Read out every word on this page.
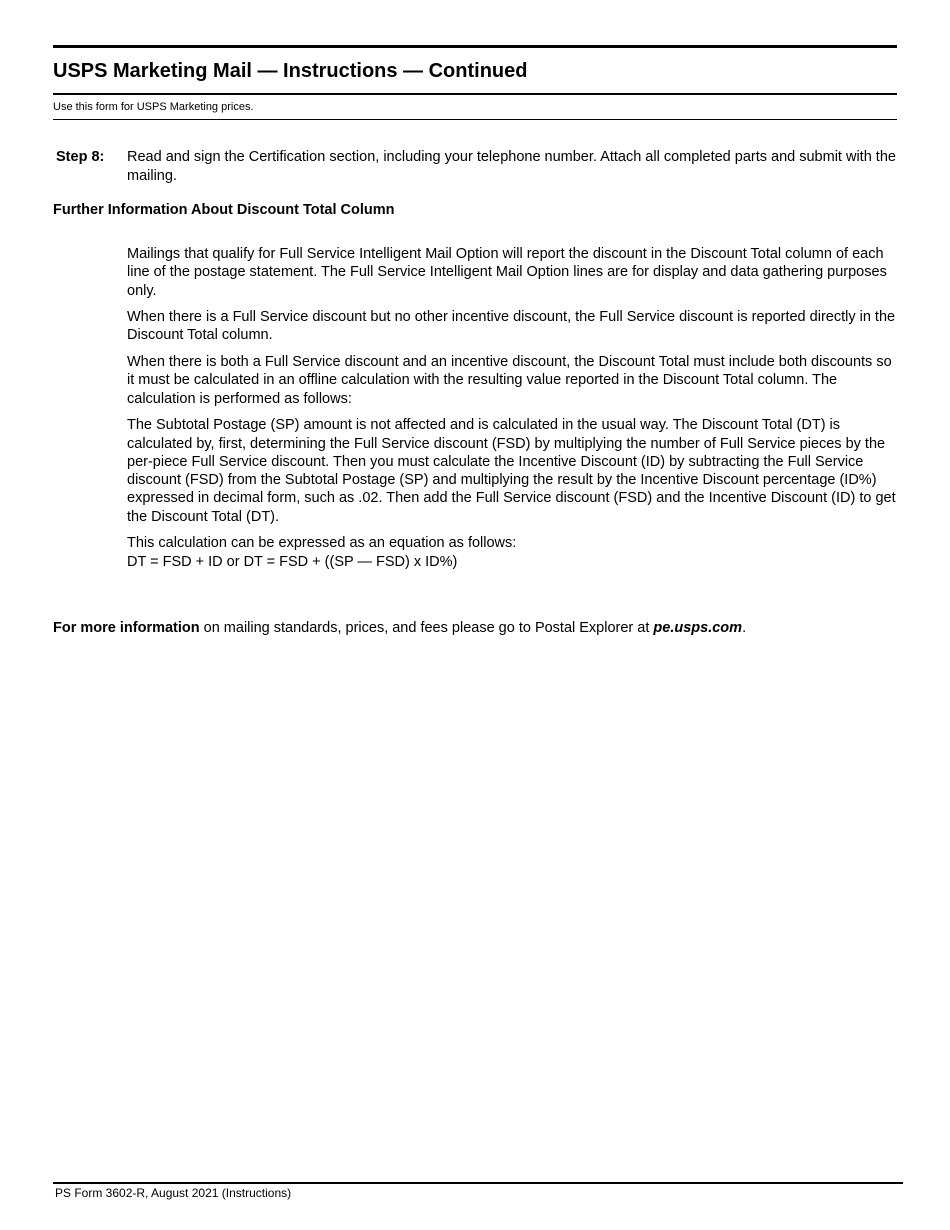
USPS Marketing Mail — Instructions — Continued
Use this form for USPS Marketing prices.
Step 8: Read and sign the Certification section, including your telephone number. Attach all completed parts and submit with the mailing.
Further Information About Discount Total Column

Mailings that qualify for Full Service Intelligent Mail Option will report the discount in the Discount Total column of each line of the postage statement. The Full Service Intelligent Mail Option lines are for display and data gathering purposes only.

When there is a Full Service discount but no other incentive discount, the Full Service discount is reported directly in the Discount Total column.

When there is both a Full Service discount and an incentive discount, the Discount Total must include both discounts so it must be calculated in an offline calculation with the resulting value reported in the Discount Total column. The calculation is performed as follows:

The Subtotal Postage (SP) amount is not affected and is calculated in the usual way. The Discount Total (DT) is calculated by, first, determining the Full Service discount (FSD) by multiplying the number of Full Service pieces by the per-piece Full Service discount. Then you must calculate the Incentive Discount (ID) by subtracting the Full Service discount (FSD) from the Subtotal Postage (SP) and multiplying the result by the Incentive Discount percentage (ID%) expressed in decimal form, such as .02. Then add the Full Service discount (FSD) and the Incentive Discount (ID) to get the Discount Total (DT).

This calculation can be expressed as an equation as follows:
DT = FSD + ID or DT = FSD + ((SP — FSD) x ID%)

For more information on mailing standards, prices, and fees please go to Postal Explorer at pe.usps.com.
PS Form 3602-R, August 2021 (Instructions)
